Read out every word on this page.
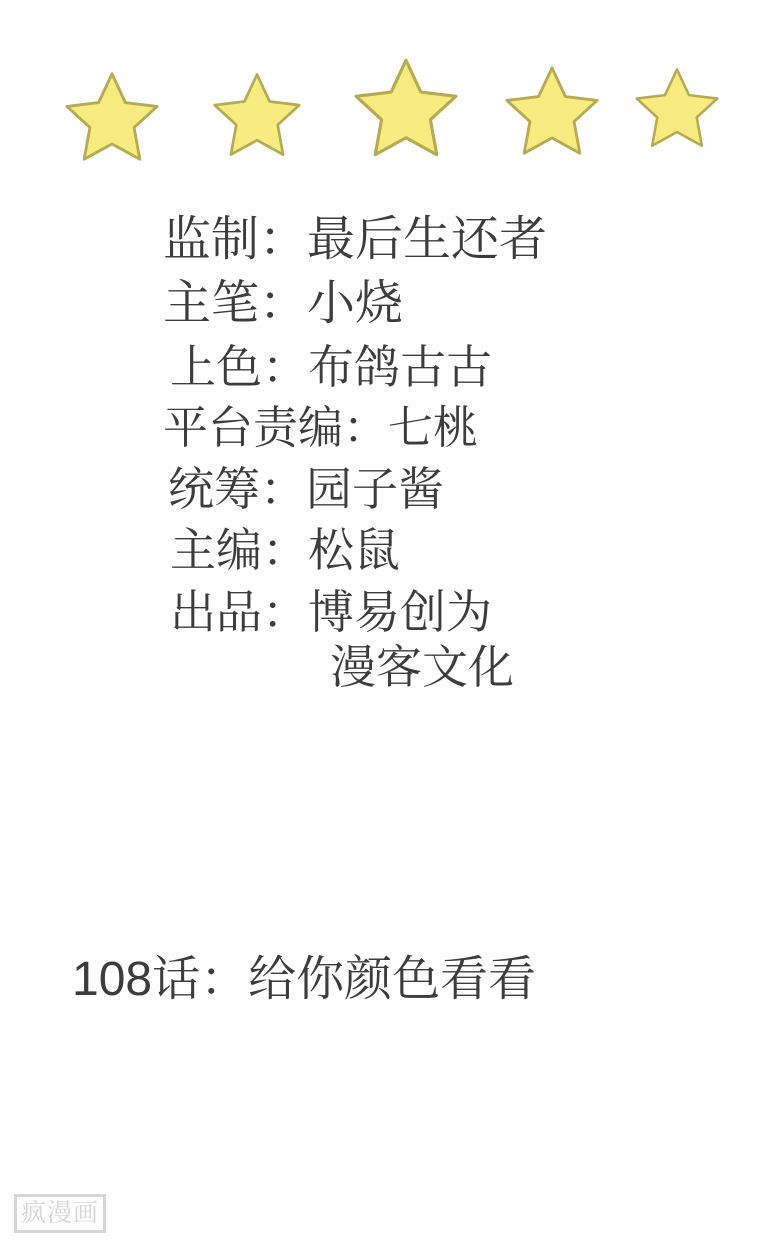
监制： 最后生还者
主笔： 小烧
上色： 布鸽古古
平台责编： 七桃
统筹： 园子酱
主编： 松鼠
出品： 博易创为
漫客文化
108话：给你颜色看看
疯漫画
